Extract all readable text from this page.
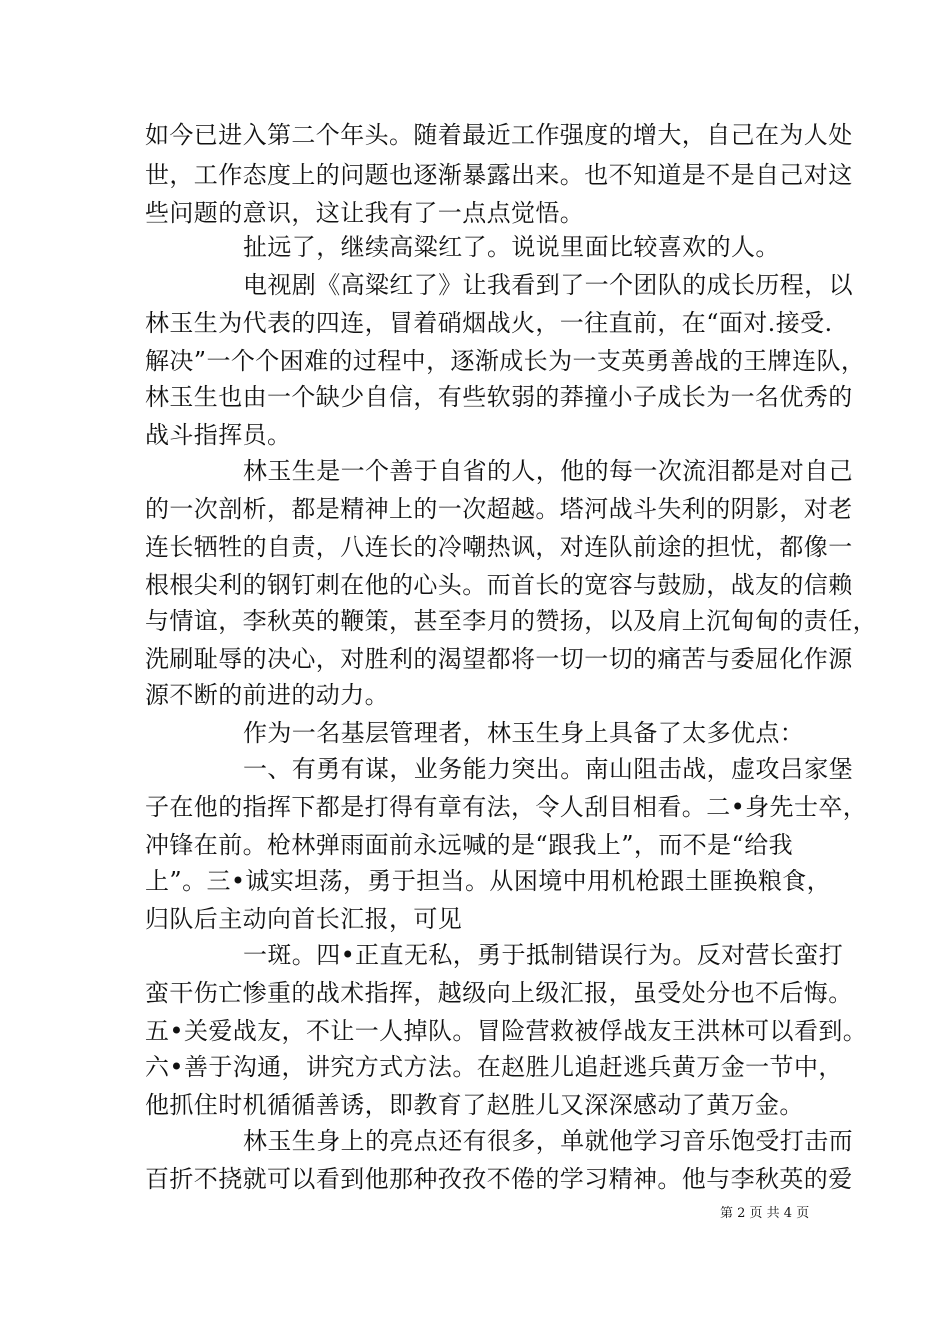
如今已进入第二个年头。随着最近工作强度的增大，自己在为人处
世，工作态度上的问题也逐渐暴露出来。也不知道是不是自己对这
些问题的意识，这让我有了一点点觉悟。
扯远了，继续高粱红了。说说里面比较喜欢的人。
电视剧《高粱红了》让我看到了一个团队的成长历程，以
林玉生为代表的四连，冒着硝烟战火，一往直前，在“面对.接受.
解决”一个个困难的过程中，逐渐成长为一支英勇善战的王牌连队，
林玉生也由一个缺少自信，有些软弱的莽撞小子成长为一名优秀的
战斗指挥员。
林玉生是一个善于自省的人，他的每一次流泪都是对自己
的一次剖析，都是精神上的一次超越。塔河战斗失利的阴影，对老
连长牺牲的自责，八连长的冷嘲热讽，对连队前途的担忧，都像一
根根尖利的钢钉刺在他的心头。而首长的宽容与鼓励，战友的信赖
与情谊，李秋英的鞭策，甚至李月的赞扬，以及肩上沉甸甸的责任，
洗刷耻辱的决心，对胜利的渴望都将一切一切的痛苦与委屈化作源
源不断的前进的动力。
作为一名基层管理者，林玉生身上具备了太多优点：
一、有勇有谋，业务能力突出。南山阻击战，虚攻吕家堡
子在他的指挥下都是打得有章有法，令人刮目相看。二•身先士卒，
冲锋在前。枪林弹雨面前永远喊的是“跟我上”，而不是“给我
上”。三•诚实坦荡，勇于担当。从困境中用机枪跟土匪换粮食，
归队后主动向首长汇报，可见
一斑。四•正直无私，勇于抵制错误行为。反对营长蛮打
蛮干伤亡惨重的战术指挥，越级向上级汇报，虽受处分也不后悔。
五•关爱战友，不让一人掉队。冒险营救被俘战友王洪林可以看到。
六•善于沟通，讲究方式方法。在赵胜儿追赶逃兵黄万金一节中，
他抓住时机循循善诱，即教育了赵胜儿又深深感动了黄万金。
林玉生身上的亮点还有很多，单就他学习音乐饱受打击而
百折不挠就可以看到他那种孜孜不倦的学习精神。他与李秋英的爱
第 2 页 共 4 页
